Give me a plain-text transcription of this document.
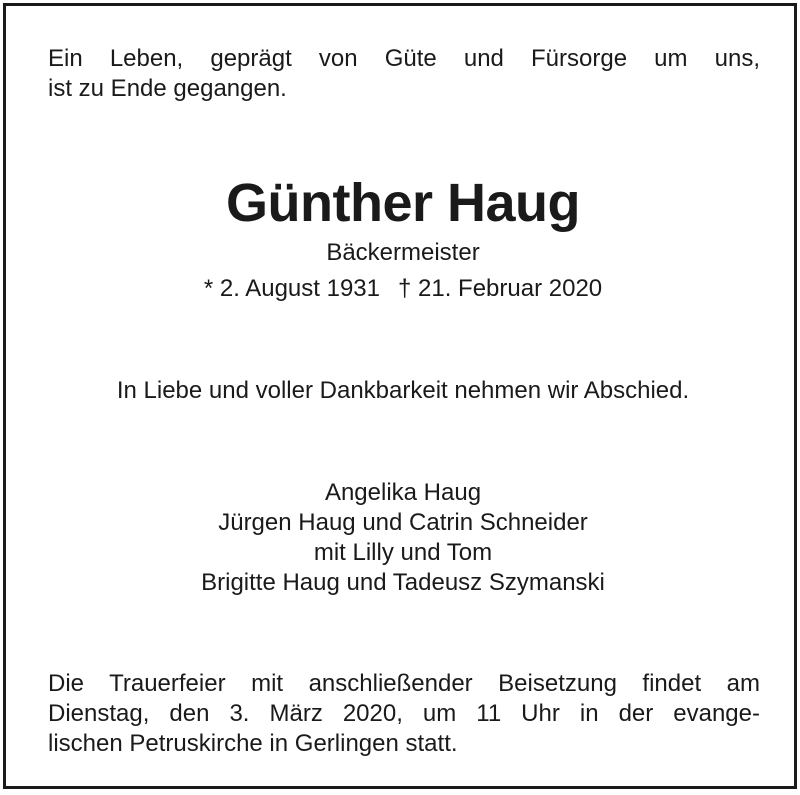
Ein Leben, geprägt von Güte und Fürsorge um uns,
ist zu Ende gegangen.
Günther Haug
Bäckermeister
* 2. August 1931 † 21. Februar 2020
In Liebe und voller Dankbarkeit nehmen wir Abschied.
Angelika Haug
Jürgen Haug und Catrin Schneider
mit Lilly und Tom
Brigitte Haug und Tadeusz Szymanski
Die Trauerfeier mit anschließender Beisetzung findet am
Dienstag, den 3. März 2020, um 11 Uhr in der evange-
lischen Petruskirche in Gerlingen statt.
